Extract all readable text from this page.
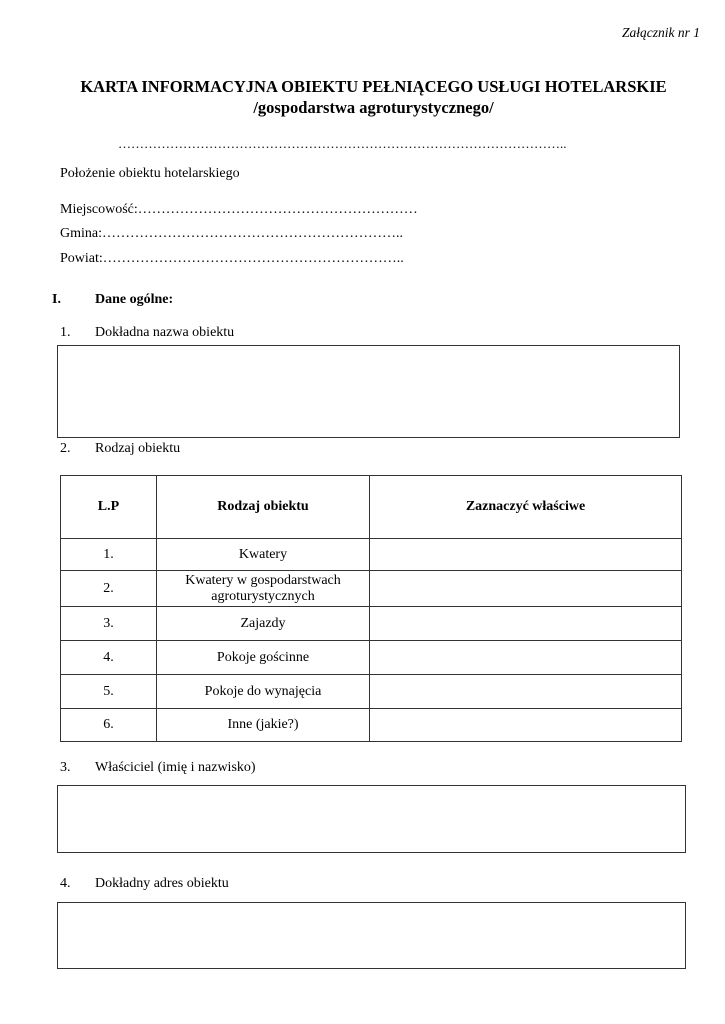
Załącznik nr 1
KARTA INFORMACYJNA OBIEKTU PEŁNIĄCEGO USŁUGI HOTELARSKIE
/gospodarstwa agroturystycznego/
…………………………………………………………………………………………..
Położenie obiektu hotelarskiego
Miejscowość:……………………………………………………
Gmina:………………………………………………………..
Powiat:………………………………………………………..
I. Dane ogólne:
1. Dokładna nazwa obiektu
2. Rodzaj obiektu
L.P	Rodzaj obiektu	Zaznaczyć właściwe
1.	Kwatery	
2.	Kwatery w gospodarstwach agroturystycznych	
3.	Zajazdy	
4.	Pokoje gościnne	
5.	Pokoje do wynajęcia	
6.	Inne (jakie?)	
3. Właściciel (imię i nazwisko)
4. Dokładny adres obiektu
